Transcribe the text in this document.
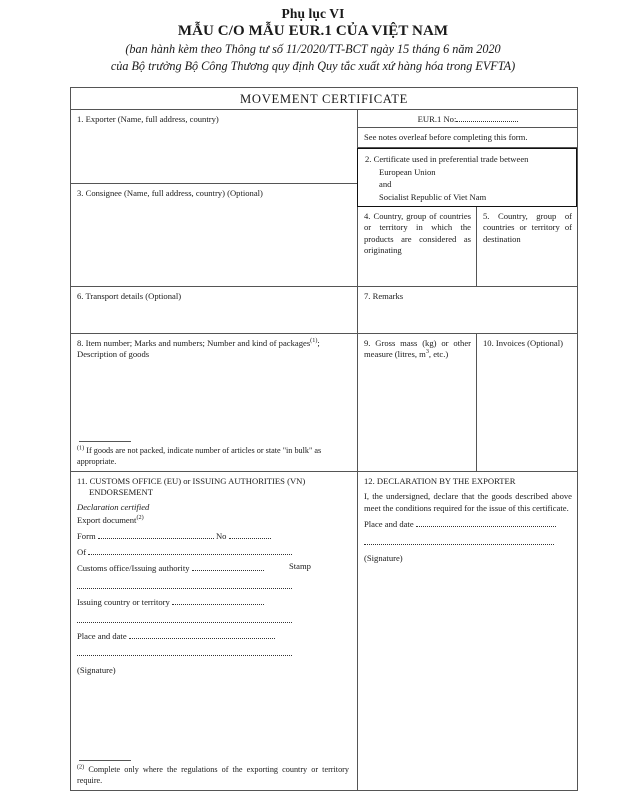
Phụ lục VI
MẪU C/O MẪU EUR.1 CỦA VIỆT NAM
(ban hành kèm theo Thông tư số 11/2020/TT-BCT ngày 15 tháng 6 năm 2020
của Bộ trưởng Bộ Công Thương quy định Quy tắc xuất xứ hàng hóa trong EVFTA)
MOVEMENT CERTIFICATE
1. Exporter (Name, full address, country)	EUR.1 No:
See notes overleaf before completing this form.
2. Certificate used in preferential trade between
European Union
and
Socialist Republic of Viet Nam
3. Consignee (Name, full address, country) (Optional)
4. Country, group of countries or territory in which the products are considered as originating
5. Country, group of countries or territory of destination
6. Transport details (Optional)	7. Remarks
8. Item number; Marks and numbers; Number and kind of packages$^{(1)}$; Description of goods
$^{(1)}$ If goods are not packed, indicate number of articles or state "in bulk" as appropriate.
9. Gross mass (kg) or other measure (litres, $m^3$, etc.)
10. Invoices (Optional)
11. CUSTOMS OFFICE (EU) or ISSUING AUTHORITIES (VN)
ENDORSEMENT
Declaration certified
Export document$^{(2)}$
Form	No
Of
Customs office/Issuing authority
Issuing country or territory
Place and date
(Signature)
Stamp
$^{(2)}$ Complete only where the regulations of the exporting country or territory require.
12. DECLARATION BY THE EXPORTER
I, the undersigned, declare that the goods described above meet the conditions required for the issue of this certificate.
Place and date
(Signature)
